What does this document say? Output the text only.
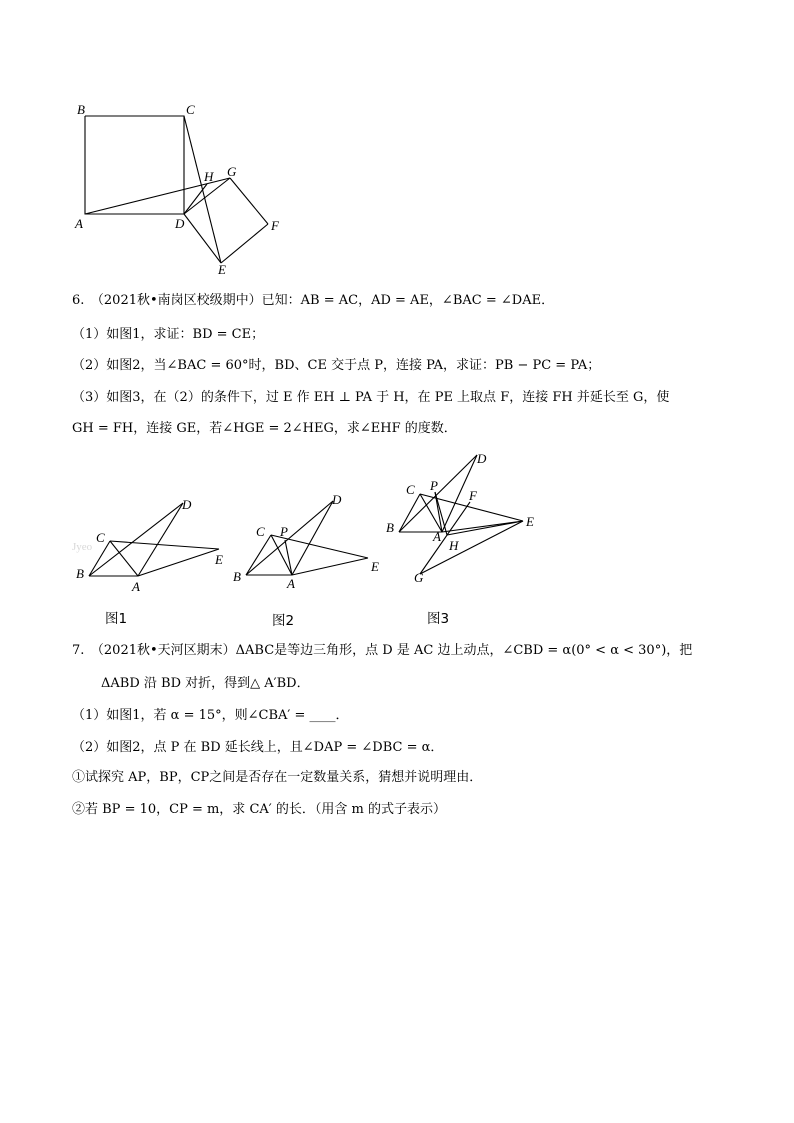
B	C
A	D
H G
F
E
6.　（2021秋•南岗区校级期中）已知：AB = AC，AD = AE，∠BAC = ∠DAE．
（1）如图1，求证：BD = CE；
（2）如图2，当∠BAC = 60°时，BD、CE 交于点 P，连接 PA，求证：PB − PC = PA；
（3）如图3，在（2）的条件下，过 E 作 EH ⊥ PA 于 H，在 PE 上取点 F，连接 FH 并延长至 G，使
GH = FH，连接 GE，若∠HGE = 2∠HEG，求∠EHF 的度数．
Jyeo
B
C
A
D
E
B
C P
A
D
E
B
C P
D
F
A
H
E
G
图1	图2	图3
7.　（2021秋•天河区期末）ΔABC是等边三角形，点 D 是 AC 边上动点，∠CBD = α(0° < α < 30°)，把
ΔABD 沿 BD 对折，得到△ A′BD．
（1）如图1，若 α = 15°，则∠CBA′ = ____．
（2）如图2，点 P 在 BD 延长线上，且∠DAP = ∠DBC = α．
①试探究 AP，BP，CP之间是否存在一定数量关系，猜想并说明理由．
②若 BP = 10，CP = m，求 CA′ 的长．（用含 m 的式子表示）
